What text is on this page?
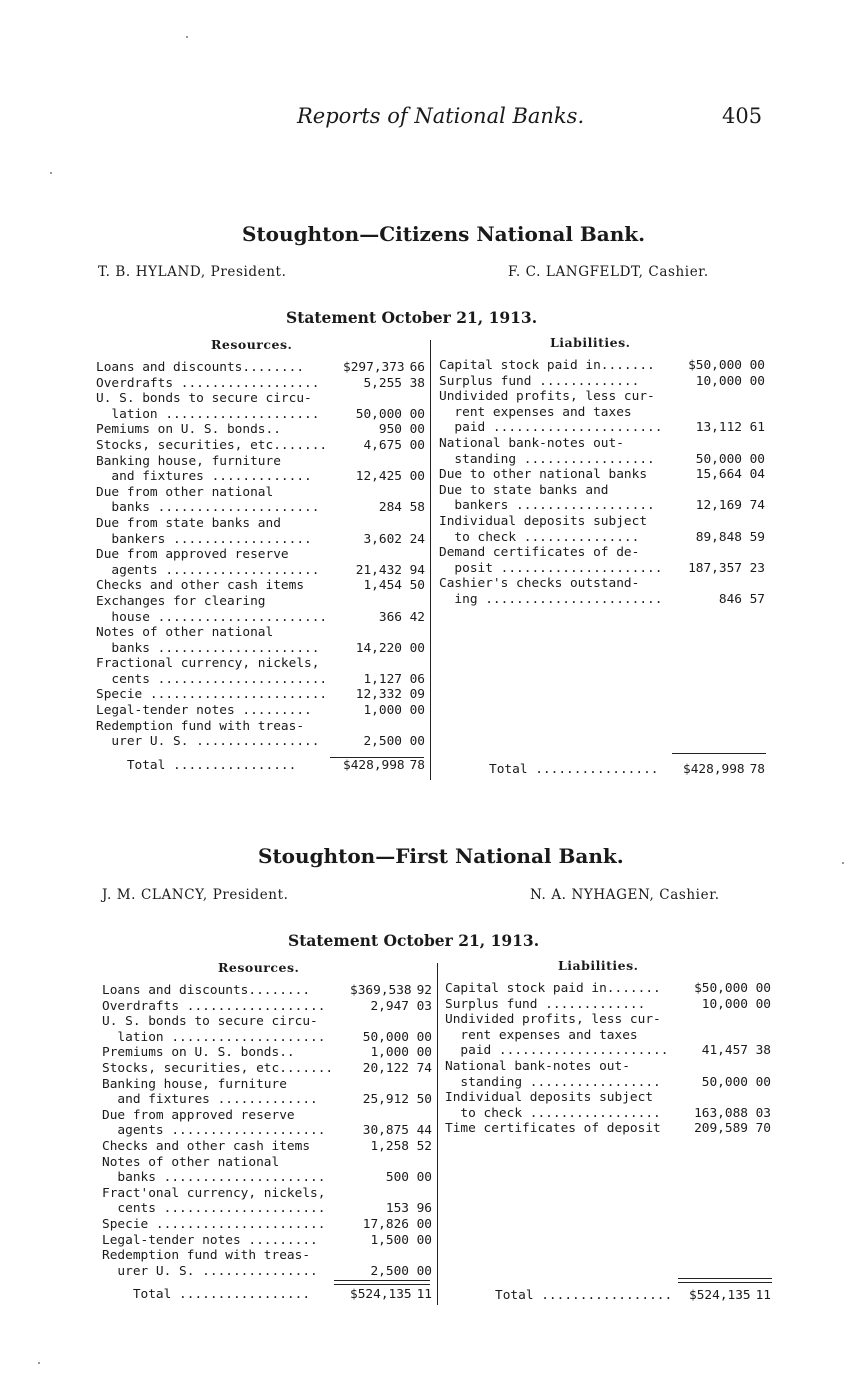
Reports of National Banks.	405
Stoughton—Citizens National Bank.
T. B. HYLAND, President.	F. C. LANGFELDT, Cashier.
Statement October 21, 1913.
Resources.	Liabilities.
Loans and discounts........	$297,373 66
Overdrafts ..................	5,255 38
U. S. bonds to secure circu-
lation ....................	50,000 00
Pemiums on U. S. bonds..	950 00
Stocks, securities, etc.......	4,675 00
Banking house, furniture
and fixtures .............	12,425 00
Due from other national
banks .....................	284 58
Due from state banks and
bankers ..................	3,602 24
Due from approved reserve
agents ....................	21,432 94
Checks and other cash items	1,454 50
Exchanges for clearing
house ......................	366 42
Notes of other national
banks .....................	14,220 00
Fractional currency, nickels,
cents ......................	1,127 06
Specie .......................	12,332 09
Legal-tender notes .........	1,000 00
Redemption fund with treas-
urer U. S. ................	2,500 00
Total ................	$428,998 78
Capital stock paid in.......	$50,000 00
Surplus fund .............	10,000 00
Undivided profits, less cur-
rent expenses and taxes
paid ......................	13,112 61
National bank-notes out-
standing .................	50,000 00
Due to other national banks	15,664 04
Due to state banks and
bankers ..................	12,169 74
Individual deposits subject
to check ...............	89,848 59
Demand certificates of de-
posit .....................	187,357 23
Cashier's checks outstand-
ing .......................	846 57
Total ................	$428,998 78
Stoughton—First National Bank.
J. M. CLANCY, President.	N. A. NYHAGEN, Cashier.
Statement October 21, 1913.
Resources.	Liabilities.
Loans and discounts........	$369,538 92
Overdrafts ..................	2,947 03
U. S. bonds to secure circu-
lation ....................	50,000 00
Premiums on U. S. bonds..	1,000 00
Stocks, securities, etc.......	20,122 74
Banking house, furniture
and fixtures .............	25,912 50
Due from approved reserve
agents ....................	30,875 44
Checks and other cash items	1,258 52
Notes of other national
banks .....................	500 00
Fract'onal currency, nickels,
cents .....................	153 96
Specie ......................	17,826 00
Legal-tender notes .........	1,500 00
Redemption fund with treas-
urer U. S. ...............	2,500 00
Total .................	$524,135 11
Capital stock paid in.......	$50,000 00
Surplus fund .............	10,000 00
Undivided profits, less cur-
rent expenses and taxes
paid ......................	41,457 38
National bank-notes out-
standing .................	50,000 00
Individual deposits subject
to check .................	163,088 03
Time certificates of deposit	209,589 70
Total .................	$524,135 11
